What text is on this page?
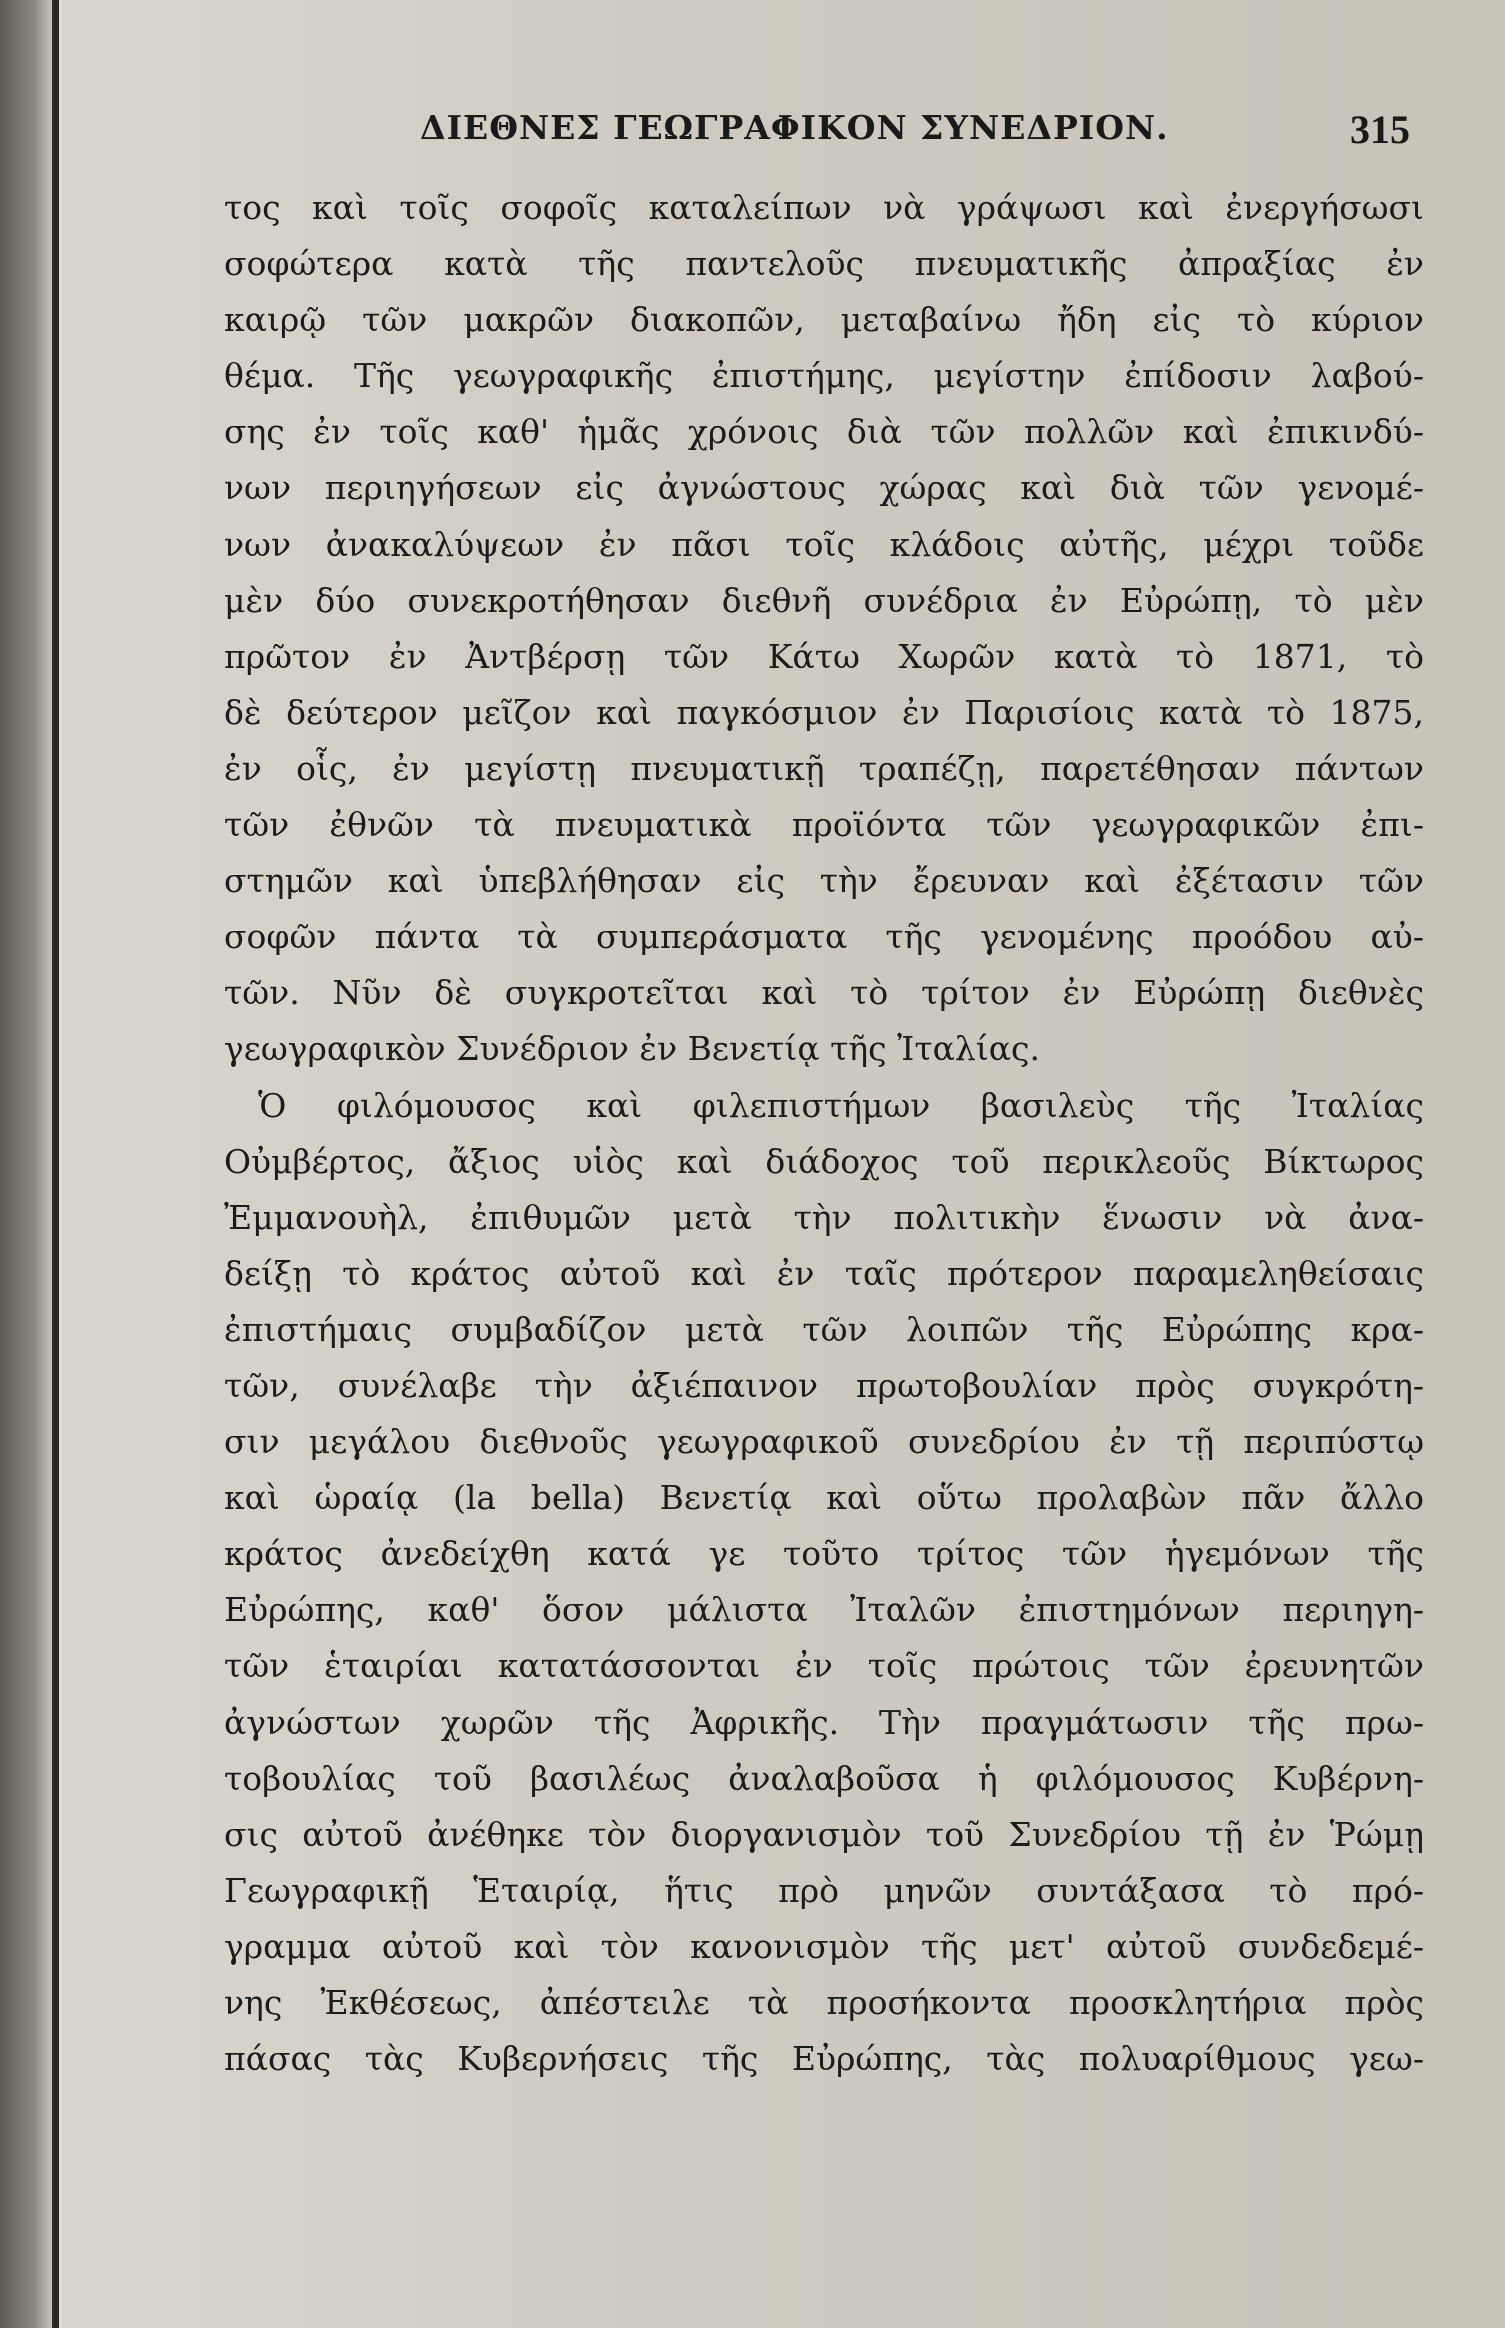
ΔΙΕΘΝΕΣ ΓΕΩΓΡΑΦΙΚΟΝ ΣΥΝΕΔΡΙΟΝ.	315
τος καὶ τοῖς σοφοῖς καταλείπων νὰ γράψωσι καὶ ἐνεργήσωσι
σοφώτερα κατὰ τῆς παντελοῦς πνευματικῆς ἀπραξίας ἐν
καιρῷ τῶν μακρῶν διακοπῶν, μεταβαίνω ἤδη εἰς τὸ κύριον
θέμα. Τῆς γεωγραφικῆς ἐπιστήμης, μεγίστην ἐπίδοσιν λαβού-
σης ἐν τοῖς καθ' ἡμᾶς χρόνοις διὰ τῶν πολλῶν καὶ ἐπικινδύ-
νων περιηγήσεων εἰς ἀγνώστους χώρας καὶ διὰ τῶν γενομέ-
νων ἀνακαλύψεων ἐν πᾶσι τοῖς κλάδοις αὐτῆς, μέχρι τοῦδε
μὲν δύο συνεκροτήθησαν διεθνῆ συνέδρια ἐν Εὐρώπῃ, τὸ μὲν
πρῶτον ἐν Ἀντβέρσῃ τῶν Κάτω Χωρῶν κατὰ τὸ 1871, τὸ
δὲ δεύτερον μεῖζον καὶ παγκόσμιον ἐν Παρισίοις κατὰ τὸ 1875,
ἐν οἷς, ἐν μεγίστῃ πνευματικῇ τραπέζῃ, παρετέθησαν πάντων
τῶν ἐθνῶν τὰ πνευματικὰ προϊόντα τῶν γεωγραφικῶν ἐπι-
στημῶν καὶ ὑπεβλήθησαν εἰς τὴν ἔρευναν καὶ ἐξέτασιν τῶν
σοφῶν πάντα τὰ συμπεράσματα τῆς γενομένης προόδου αὐ-
τῶν. Νῦν δὲ συγκροτεῖται καὶ τὸ τρίτον ἐν Εὐρώπῃ διεθνὲς
γεωγραφικὸν Συνέδριον ἐν Βενετίᾳ τῆς Ἰταλίας.
Ὁ φιλόμουσος καὶ φιλεπιστήμων βασιλεὺς τῆς Ἰταλίας
Οὐμβέρτος, ἄξιος υἱὸς καὶ διάδοχος τοῦ περικλεοῦς Βίκτωρος
Ἐμμανουὴλ, ἐπιθυμῶν μετὰ τὴν πολιτικὴν ἕνωσιν νὰ ἀνα-
δείξῃ τὸ κράτος αὐτοῦ καὶ ἐν ταῖς πρότερον παραμεληθείσαις
ἐπιστήμαις συμβαδίζον μετὰ τῶν λοιπῶν τῆς Εὐρώπης κρα-
τῶν, συνέλαβε τὴν ἀξιέπαινον πρωτοβουλίαν πρὸς συγκρότη-
σιν μεγάλου διεθνοῦς γεωγραφικοῦ συνεδρίου ἐν τῇ περιπύστῳ
καὶ ὡραίᾳ (la bella) Βενετίᾳ καὶ οὕτω προλαβὼν πᾶν ἄλλο
κράτος ἀνεδείχθη κατά γε τοῦτο τρίτος τῶν ἡγεμόνων τῆς
Εὐρώπης, καθ' ὅσον μάλιστα Ἰταλῶν ἐπιστημόνων περιηγη-
τῶν ἑταιρίαι κατατάσσονται ἐν τοῖς πρώτοις τῶν ἐρευνητῶν
ἀγνώστων χωρῶν τῆς Ἀφρικῆς. Τὴν πραγμάτωσιν τῆς πρω-
τοβουλίας τοῦ βασιλέως ἀναλαβοῦσα ἡ φιλόμουσος Κυβέρνη-
σις αὐτοῦ ἀνέθηκε τὸν διοργανισμὸν τοῦ Συνεδρίου τῇ ἐν Ῥώμῃ
Γεωγραφικῇ Ἑταιρίᾳ, ἥτις πρὸ μηνῶν συντάξασα τὸ πρό-
γραμμα αὐτοῦ καὶ τὸν κανονισμὸν τῆς μετ' αὐτοῦ συνδεδεμέ-
νης Ἐκθέσεως, ἀπέστειλε τὰ προσήκοντα προσκλητήρια πρὸς
πάσας τὰς Κυβερνήσεις τῆς Εὐρώπης, τὰς πολυαρίθμους γεω-
